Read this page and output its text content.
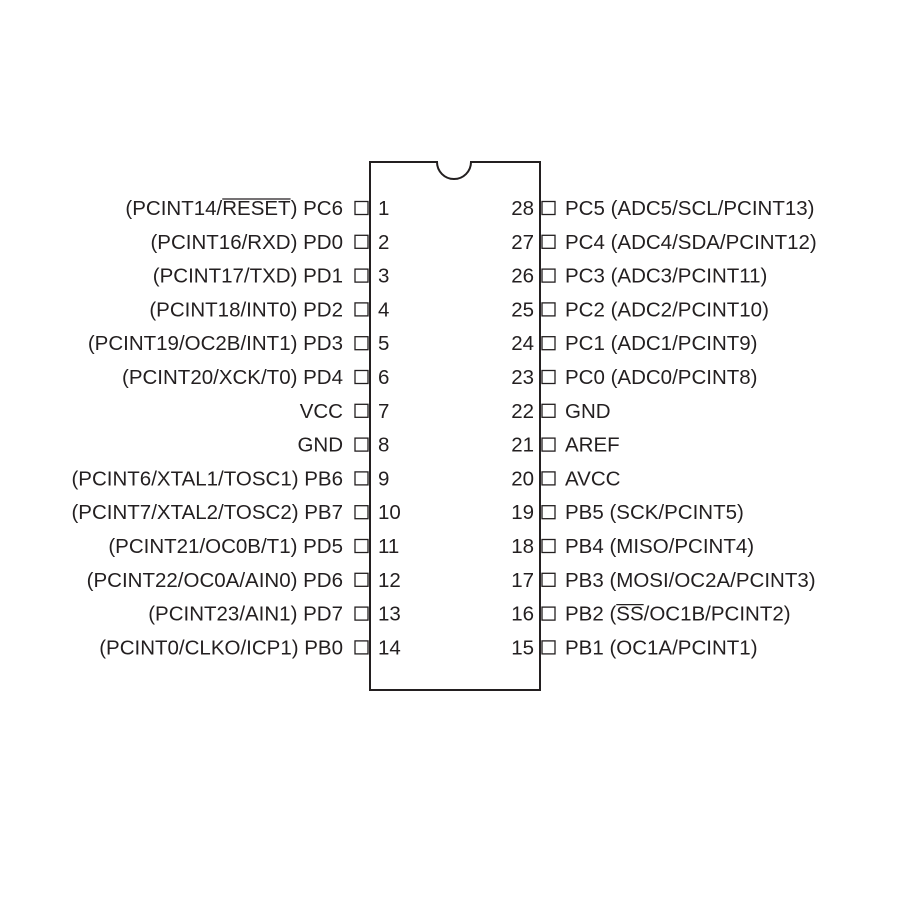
1
(PCINT14/RESET) PC6
2
(PCINT16/RXD) PD0
3
(PCINT17/TXD) PD1
4
(PCINT18/INT0) PD2
5
(PCINT19/OC2B/INT1) PD3
6
(PCINT20/XCK/T0) PD4
7
VCC
8
GND
9
(PCINT6/XTAL1/TOSC1) PB6
10
(PCINT7/XTAL2/TOSC2) PB7
11
(PCINT21/OC0B/T1) PD5
12
(PCINT22/OC0A/AIN0) PD6
13
(PCINT23/AIN1) PD7
14
(PCINT0/CLKO/ICP1) PB0
28 PC5 (ADC5/SCL/PCINT13)
27 PC4 (ADC4/SDA/PCINT12)
26 PC3 (ADC3/PCINT11)
25 PC2 (ADC2/PCINT10)
24 PC1 (ADC1/PCINT9)
23 PC0 (ADC0/PCINT8)
22 GND
21 AREF
20 AVCC
19 PB5 (SCK/PCINT5)
18 PB4 (MISO/PCINT4)
17 PB3 (MOSI/OC2A/PCINT3)
16 PB2 (SS/OC1B/PCINT2)
15 PB1 (OC1A/PCINT1)
